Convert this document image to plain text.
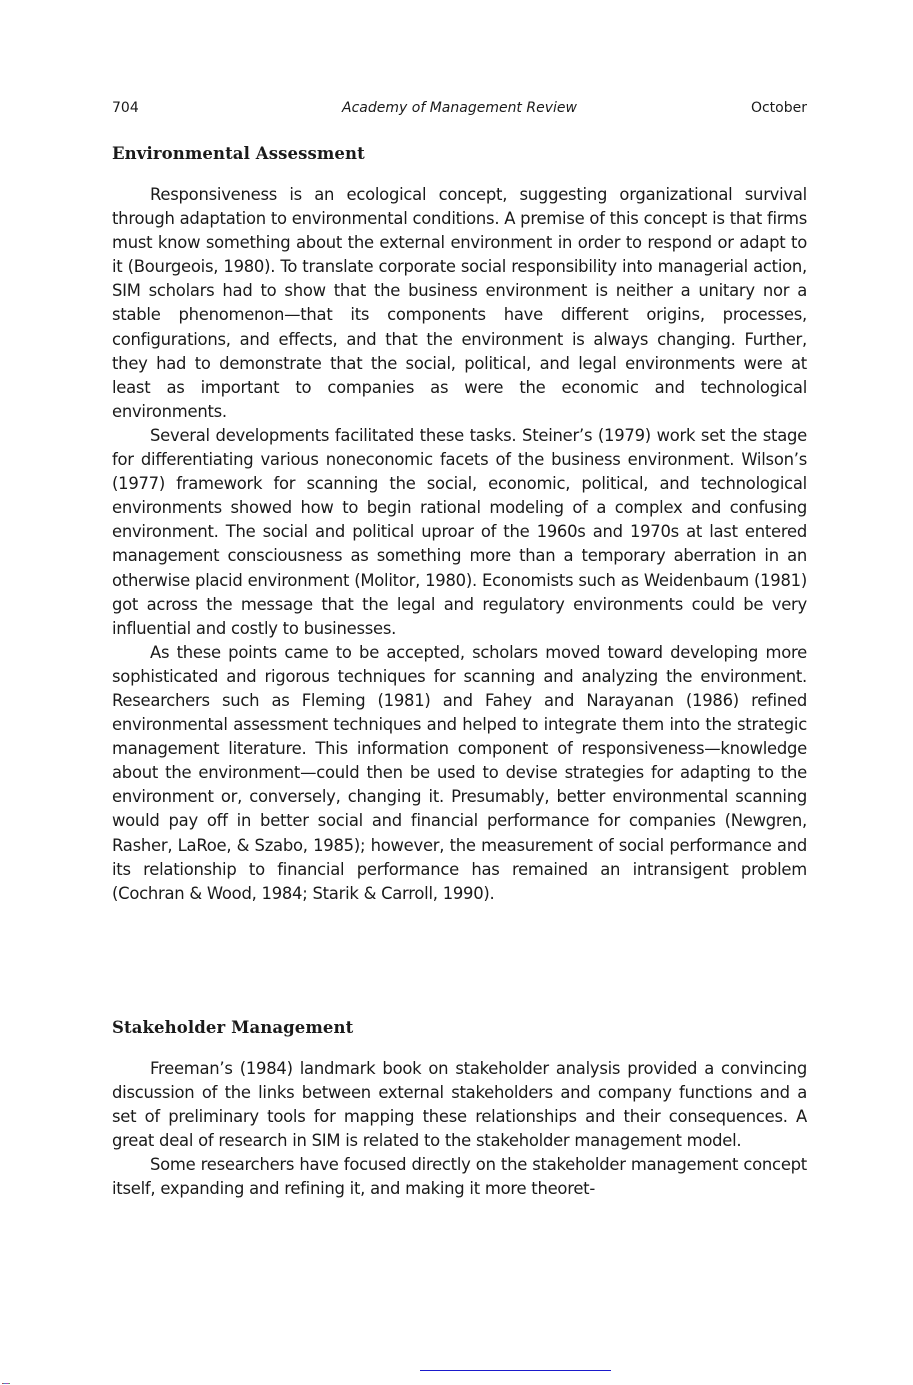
704	Academy of Management Review	October
Environmental Assessment

Responsiveness is an ecological concept, suggesting organizational survival through adaptation to environmental conditions. A premise of this concept is that firms must know something about the external environment in order to respond or adapt to it (Bourgeois, 1980). To translate corporate social responsibility into managerial action, SIM scholars had to show that the business environment is neither a unitary nor a stable phenomenon—that its components have different origins, processes, configurations, and effects, and that the environment is always changing. Further, they had to demonstrate that the social, political, and legal environments were at least as important to companies as were the economic and technological environments.

Several developments facilitated these tasks. Steiner’s (1979) work set the stage for differentiating various noneconomic facets of the business environment. Wilson’s (1977) framework for scanning the social, economic, political, and technological environments showed how to begin rational modeling of a complex and confusing environment. The social and political uproar of the 1960s and 1970s at last entered management consciousness as something more than a temporary aberration in an otherwise placid environment (Molitor, 1980). Economists such as Weidenbaum (1981) got across the message that the legal and regulatory environments could be very influential and costly to businesses.

As these points came to be accepted, scholars moved toward developing more sophisticated and rigorous techniques for scanning and analyzing the environment. Researchers such as Fleming (1981) and Fahey and Narayanan (1986) refined environmental assessment techniques and helped to integrate them into the strategic management literature. This information component of responsiveness—knowledge about the environment—could then be used to devise strategies for adapting to the environment or, conversely, changing it. Presumably, better environmental scanning would pay off in better social and financial performance for companies (Newgren, Rasher, LaRoe, & Szabo, 1985); however, the measurement of social performance and its relationship to financial performance has remained an intransigent problem (Cochran & Wood, 1984; Starik & Carroll, 1990).

Stakeholder Management

Freeman’s (1984) landmark book on stakeholder analysis provided a convincing discussion of the links between external stakeholders and company functions and a set of preliminary tools for mapping these relationships and their consequences. A great deal of research in SIM is related to the stakeholder management model.

Some researchers have focused directly on the stakeholder management concept itself, expanding and refining it, and making it more theoret-
